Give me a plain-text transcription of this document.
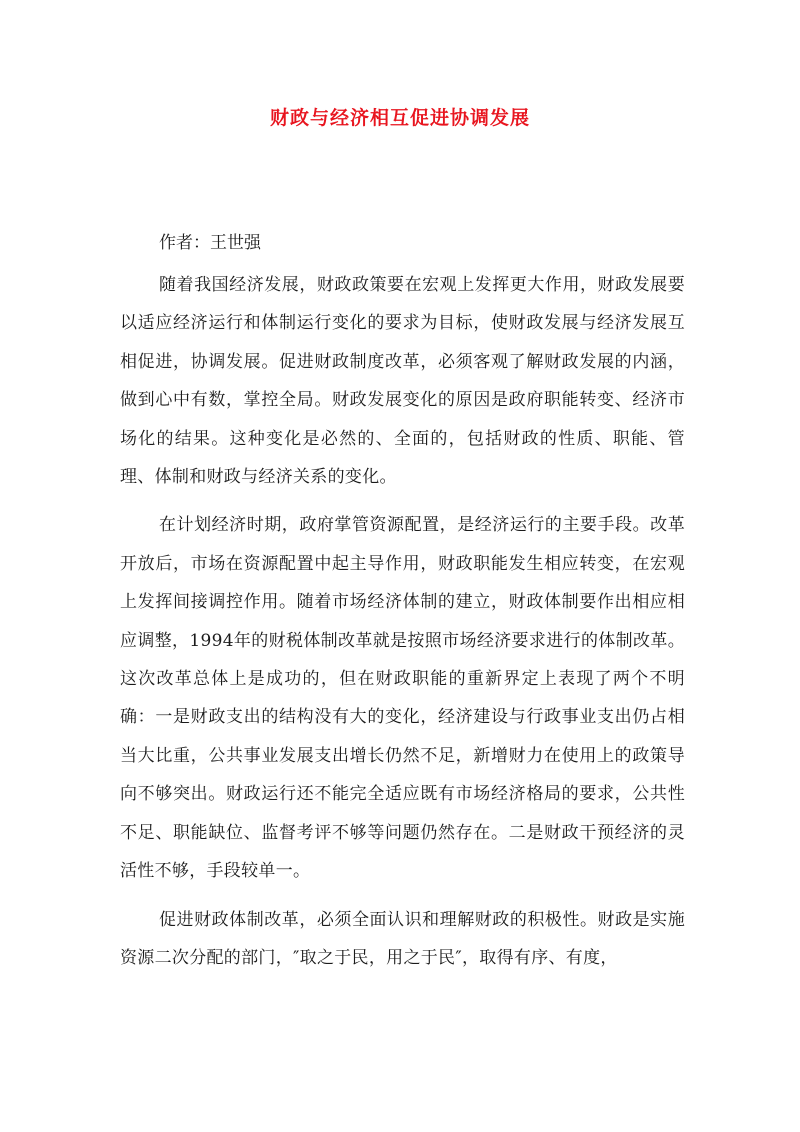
财政与经济相互促进协调发展
作者：王世强

随着我国经济发展，财政政策要在宏观上发挥更大作用，财政发展要以适应经济运行和体制运行变化的要求为目标，使财政发展与经济发展互相促进，协调发展。促进财政制度改革，必须客观了解财政发展的内涵，做到心中有数，掌控全局。财政发展变化的原因是政府职能转变、经济市场化的结果。这种变化是必然的、全面的，包括财政的性质、职能、管理、体制和财政与经济关系的变化。

在计划经济时期，政府掌管资源配置，是经济运行的主要手段。改革开放后，市场在资源配置中起主导作用，财政职能发生相应转变，在宏观上发挥间接调控作用。随着市场经济体制的建立，财政体制要作出相应相应调整，1994年的财税体制改革就是按照市场经济要求进行的体制改革。这次改革总体上是成功的，但在财政职能的重新界定上表现了两个不明确：一是财政支出的结构没有大的变化，经济建设与行政事业支出仍占相当大比重，公共事业发展支出增长仍然不足，新增财力在使用上的政策导向不够突出。财政运行还不能完全适应既有市场经济格局的要求，公共性不足、职能缺位、监督考评不够等问题仍然存在。二是财政干预经济的灵活性不够，手段较单一。

促进财政体制改革，必须全面认识和理解财政的积极性。财政是实施资源二次分配的部门，″取之于民，用之于民″，取得有序、有度，
